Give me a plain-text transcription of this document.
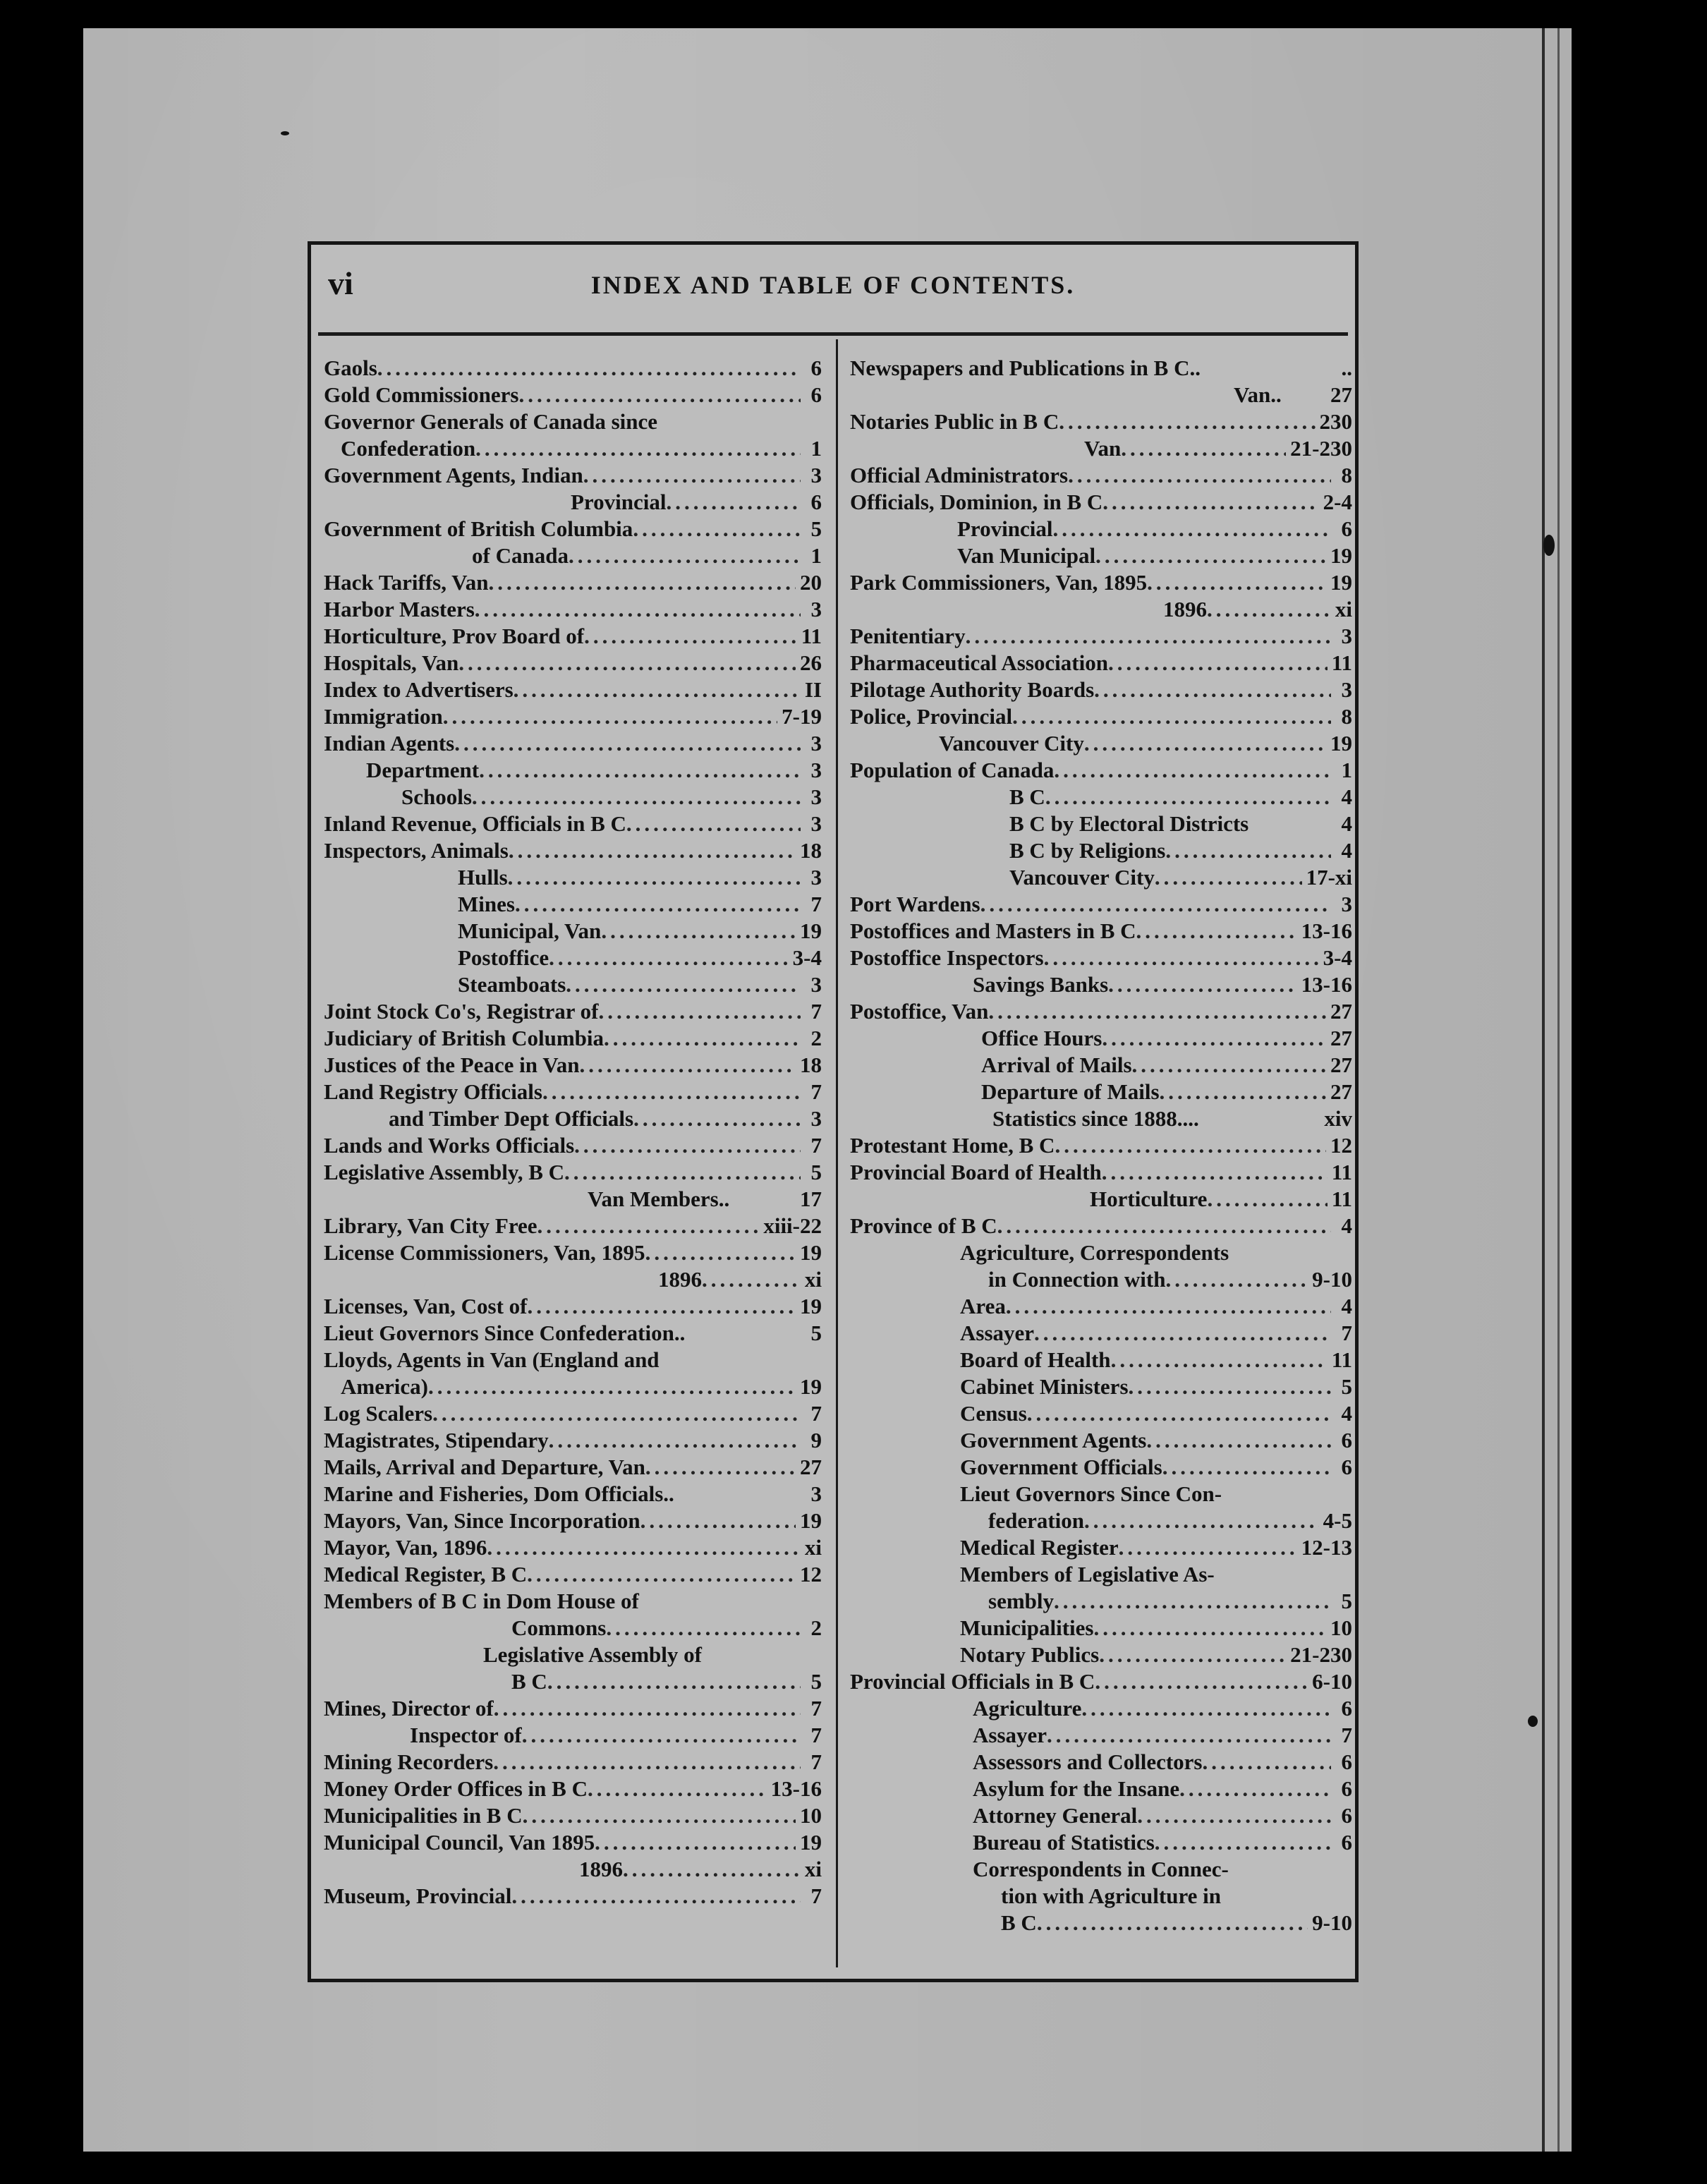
vi	INDEX AND TABLE OF CONTENTS.
Gaols .....	6
Gold Commissioners .....	6
Governor Generals of Canada since
Confederation .....	1
Government Agents, Indian .....	3
Provincial .....	6
Government of British Columbia .....	5
of Canada .....	1
Hack Tariffs, Van .....	20
Harbor Masters .....	3
Horticulture, Prov Board of .....	11
Hospitals, Van .....	26
Index to Advertisers .....	II
Immigration .....	7-19
Indian Agents .....	3
Department .....	3
Schools .....	3
Inland Revenue, Officials in B C .....	3
Inspectors, Animals .....	18
Hulls .....	3
Mines .....	7
Municipal, Van .....	19
Postoffice .....	3-4
Steamboats .....	3
Joint Stock Co's, Registrar of .....	7
Judiciary of British Columbia .....	2
Justices of the Peace in Van .....	18
Land Registry Officials .....	7
and Timber Dept Officials .....	3
Lands and Works Officials .....	7
Legislative Assembly, B C .....	5
Van Members..	17
Library, Van City Free .....	xiii-22
License Commissioners, Van, 1895 .....	19
1896 .....	xi
Licenses, Van, Cost of .....	19
Lieut Governors Since Confederation..	5
Lloyds, Agents in Van (England and
America) .....	19
Log Scalers .....	7
Magistrates, Stipendary .....	9
Mails, Arrival and Departure, Van .....	27
Marine and Fisheries, Dom Officials..	3
Mayors, Van, Since Incorporation .....	19
Mayor, Van, 1896 .....	xi
Medical Register, B C .....	12
Members of B C in Dom House of
Commons .....	2
Legislative Assembly of
B C .....	5
Mines, Director of .....	7
Inspector of .....	7
Mining Recorders .....	7
Money Order Offices in B C .....	13-16
Municipalities in B C .....	10
Municipal Council, Van 1895 .....	19
1896 .....	xi
Museum, Provincial .....	7
Newspapers and Publications in B C..	..
Van..	27
Notaries Public in B C .....	230
Van .....	21-230
Official Administrators .....	8
Officials, Dominion, in B C .....	2-4
Provincial .....	6
Van Municipal .....	19
Park Commissioners, Van, 1895 .....	19
1896 .....	xi
Penitentiary .....	3
Pharmaceutical Association .....	11
Pilotage Authority Boards .....	3
Police, Provincial .....	8
Vancouver City .....	19
Population of Canada .....	1
B C .....	4
B C by Electoral Districts	4
B C by Religions .....	4
Vancouver City .....	17-xi
Port Wardens .....	3
Postoffices and Masters in B C .....	13-16
Postoffice Inspectors .....	3-4
Savings Banks .....	13-16
Postoffice, Van .....	27
Office Hours .....	27
Arrival of Mails .....	27
Departure of Mails .....	27
Statistics since 1888....	xiv
Protestant Home, B C .....	12
Provincial Board of Health .....	11
Horticulture .....	11
Province of B C .....	4
Agriculture, Correspondents
in Connection with .....	9-10
Area .....	4
Assayer .....	7
Board of Health .....	11
Cabinet Ministers .....	5
Census .....	4
Government Agents .....	6
Government Officials .....	6
Lieut Governors Since Con-
federation .....	4-5
Medical Register .....	12-13
Members of Legislative As-
sembly .....	5
Municipalities .....	10
Notary Publics .....	21-230
Provincial Officials in B C .....	6-10
Agriculture .....	6
Assayer .....	7
Assessors and Collectors .....	6
Asylum for the Insane .....	6
Attorney General .....	6
Bureau of Statistics .....	6
Correspondents in Connec-
tion with Agriculture in
B C .....	9-10
